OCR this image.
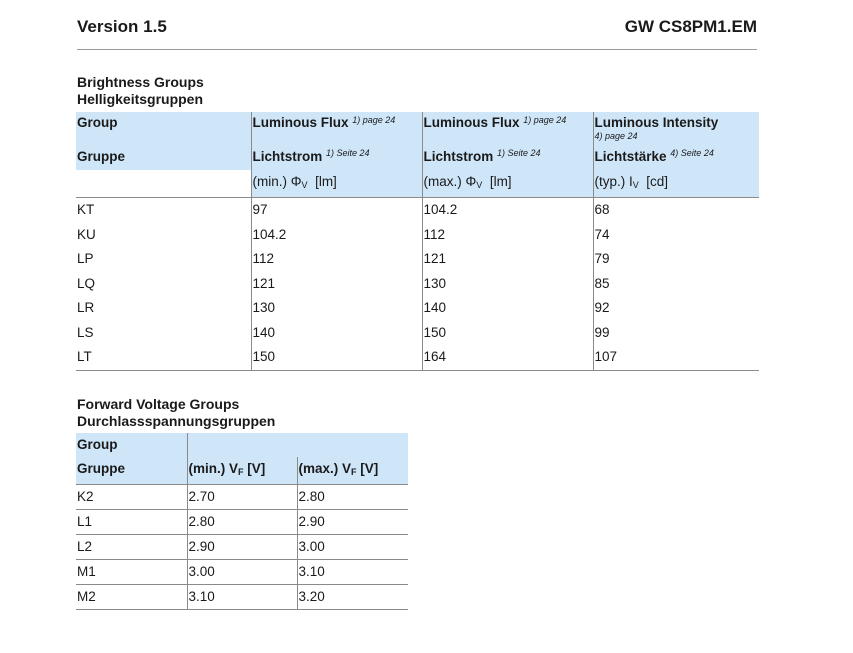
Version 1.5	GW CS8PM1.EM
Brightness Groups
Helligkeitsgruppen
Group	Luminous Flux $^{1) page 24}$	Luminous Flux $^{1) page 24}$	Luminous Intensity
4) page 24

Gruppe	Lichtstrom $^{1) Seite 24}$	Lichtstrom $^{1) Seite 24}$	Lichtstärke $^{4) Seite 24}$
	(min.) $\Phi_V$ [lm]	(max.) $\Phi_V$ [lm]	(typ.) $I_V$ [cd]
KT	97	104.2	68
KU	104.2	112	74
LP	112	121	79
LQ	121	130	85
LR	130	140	92
LS	140	150	99
LT	150	164	107
Forward Voltage Groups
Durchlassspannungsgruppen
Group		
Gruppe	(min.) $V_F$ [V]	(max.) $V_F$ [V]
K2	2.70	2.80
L1	2.80	2.90
L2	2.90	3.00
M1	3.00	3.10
M2	3.10	3.20
